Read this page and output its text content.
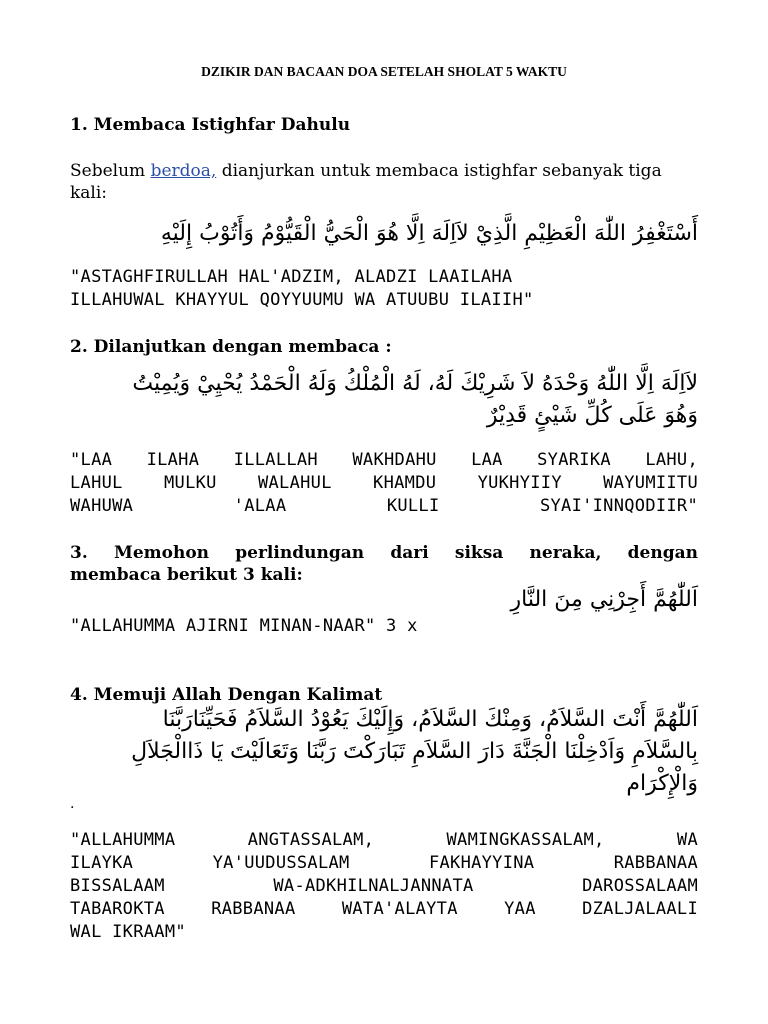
DZIKIR DAN BACAAN DOA SETELAH SHOLAT 5 WAKTU
1. Membaca Istighfar Dahulu
Sebelum berdoa, dianjurkan untuk membaca istighfar sebanyak tiga kali:
أَسْتَغْفِرُ اللّٰهَ الْعَظِيْمِ الَّذِيْ لاَاِلَهَ اِلَّا هُوَ الْحَيُّ الْقَيُّوْمُ وَأَتُوْبُ إِلَيْهِ
"ASTAGHFIRULLAH HAL'ADZIM, ALADZI LAAILAHA
ILLAHUWAL KHAYYUL QOYYUUMU WA ATUUBU ILAIIH"
2. Dilanjutkan dengan membaca :
لاَاِلَهَ اِلَّا اللّٰهُ وَحْدَهُ لاَ شَرِيْكَ لَهُ، لَهُ الْمُلْكُ وَلَهُ الْحَمْدُ يُحْيِيْ وَيُمِيْتُ
وَهُوَ عَلَى كُلِّ شَيْئٍ قَدِيْرٌ
"LAA ILAHA ILLALLAH WAKHDAHU LAA SYARIKA LAHU,
LAHUL MULKU WALAHUL KHAMDU YUKHYIIY WAYUMIITU
WAHUWA 'ALAA KULLI SYAI'INNQODIIR"
3. Memohon perlindungan dari siksa neraka, dengan
membaca berikut 3 kali:
اَللّٰهُمَّ أَجِرْنِي مِنَ النَّارِ
"ALLAHUMMA AJIRNI MINAN-NAAR" 3 x
4. Memuji Allah Dengan Kalimat
اَللّٰهُمَّ أَنْتَ السَّلاَمُ، وَمِنْكَ السَّلاَمُ، وَإِلَيْكَ يَعُوْدُ السَّلاَمُ فَحَيِّنَارَبَّنَا
بِالسَّلاَمِ وَاَدْخِلْنَا الْجَنَّةَ دَارَ السَّلاَمِ تَبَارَكْتَ رَبَّنَا وَتَعَالَيْتَ يَا ذَاالْجَلاَلِ
وَالْإِكْرَام
.
"ALLAHUMMA ANGTASSALAM, WAMINGKASSALAM, WA
ILAYKA YA'UUDUSSALAM FAKHAYYINA RABBANAA
BISSALAAM WA-ADKHILNALJANNATA DAROSSALAAM
TABAROKTA RABBANAA WATA'ALAYTA YAA DZALJALAALI
WAL IKRAAM"
